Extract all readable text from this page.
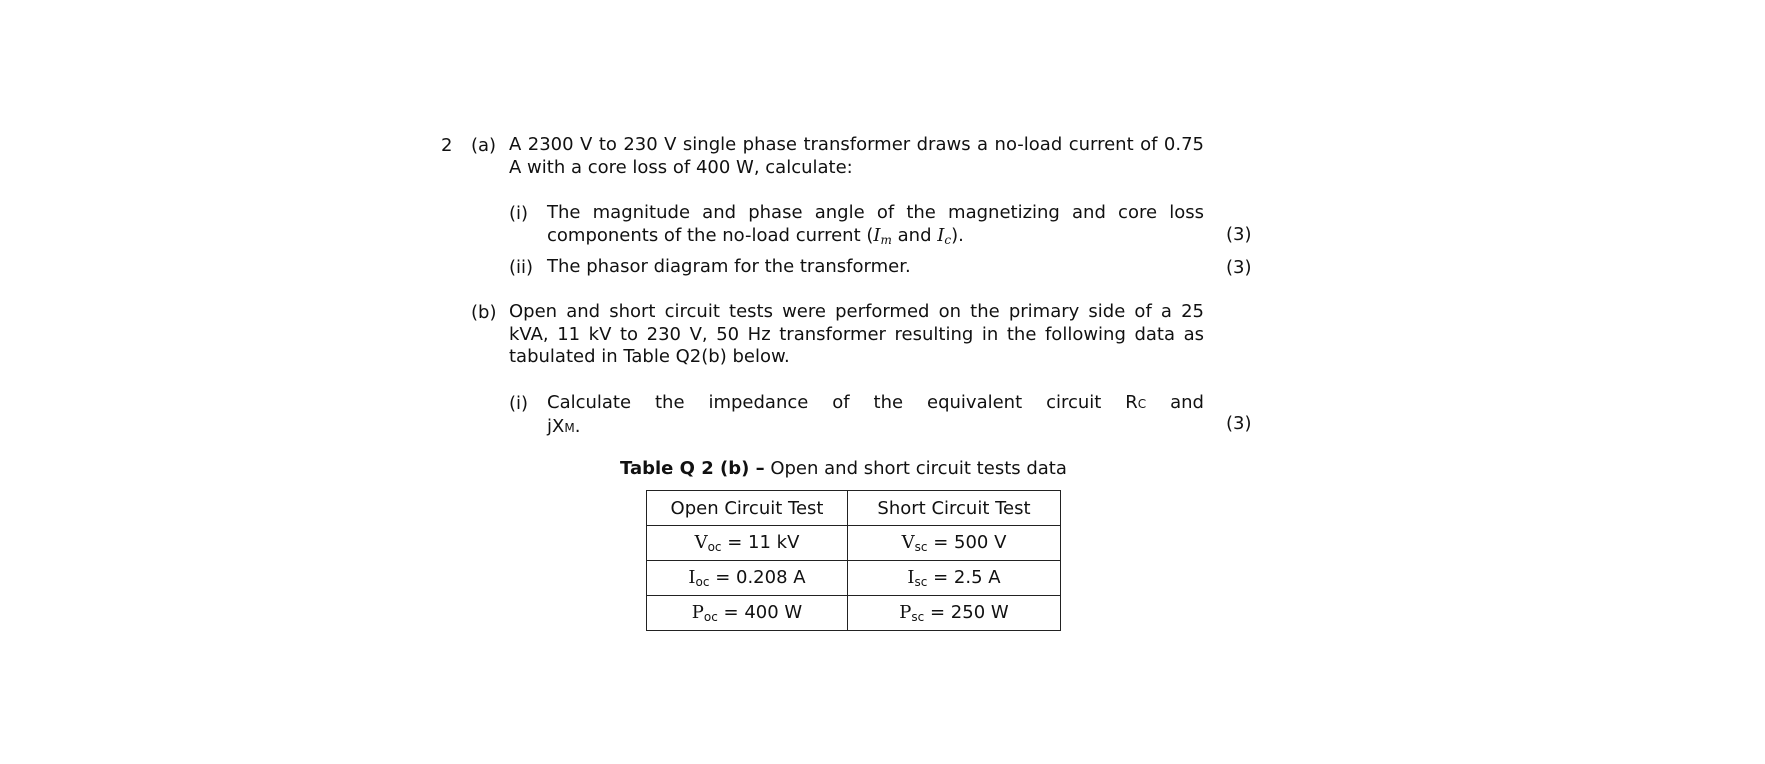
2 (a) A 2300 V to 230 V single phase transformer draws a no-load current of 0.75
A with a core loss of 400 W, calculate:
(i) The magnitude and phase angle of the magnetizing and core loss
components of the no-load current ($I_m$ and $I_c$).	(3)
(ii) The phasor diagram for the transformer.	(3)
(b) Open and short circuit tests were performed on the primary side of a 25
kVA, 11 kV to 230 V, 50 Hz transformer resulting in the following data as
tabulated in Table Q2(b) below.
(i) Calculate the impedance of the equivalent circuit RC and
jXM.	(3)
Table Q 2 (b) – Open and short circuit tests data
Open Circuit Test	Short Circuit Test
$V_{oc} = 11$ kV	$V_{sc} = 500$ V
$I_{oc} = 0.208$ A	$I_{sc} = 2.5$ A
$P_{oc} = 400$ W	$P_{sc} = 250$ W
